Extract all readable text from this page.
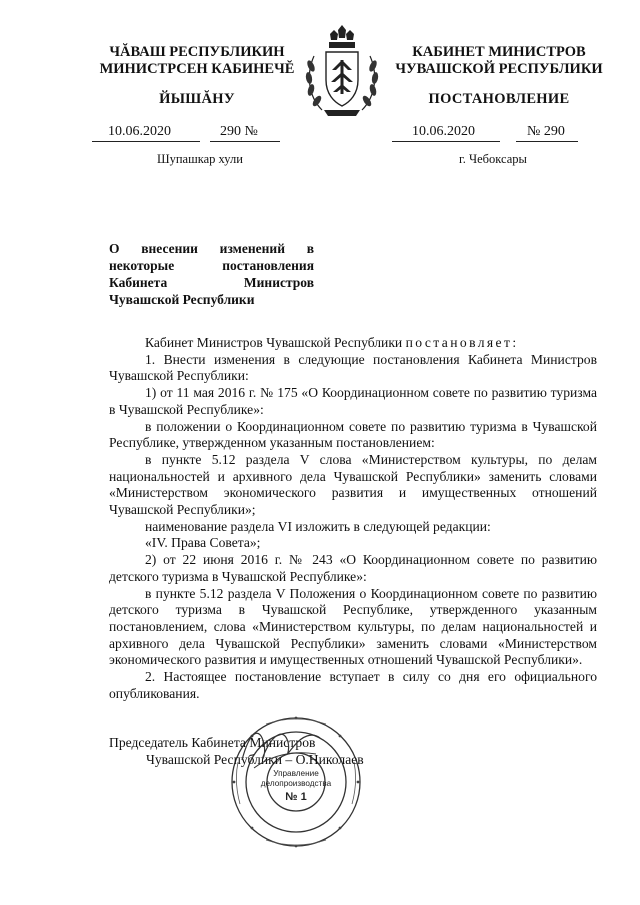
ЧĂВАШ РЕСПУБЛИКИН
МИНИСТРСЕН КАБИНЕЧĔ
ЙЫШĂНУ
КАБИНЕТ МИНИСТРОВ
ЧУВАШСКОЙ РЕСПУБЛИКИ
ПОСТАНОВЛЕНИЕ
10.06.2020	290 №	10.06.2020	№ 290
Шупашкар хули	г. Чебоксары
О внесении изменений в некоторые постановления Кабинета Министров Чувашской Республики

Кабинет Министров Чувашской Республики постановляет:

1. Внести изменения в следующие постановления Кабинета Министров Чувашской Республики:

1) от 11 мая 2016 г. № 175 «О Координационном совете по развитию туризма в Чувашской Республике»:

в положении о Координационном совете по развитию туризма в Чувашской Республике, утвержденном указанным постановлением:

в пункте 5.12 раздела V слова «Министерством культуры, по делам национальностей и архивного дела Чувашской Республики» заменить словами «Министерством экономического развития и имущественных отношений Чувашской Республики»;

наименование раздела VI изложить в следующей редакции:

«IV. Права Совета»;

2) от 22 июня 2016 г. № 243 «О Координационном совете по развитию детского туризма в Чувашской Республике»:

в пункте 5.12 раздела V Положения о Координационном совете по развитию детского туризма в Чувашской Республике, утвержденного указанным постановлением, слова «Министерством культуры, по делам национальностей и архивного дела Чувашской Республики» заменить словами «Министерством экономического развития и имущественных отношений Чувашской Республики».

2. Настоящее постановление вступает в силу со дня его официального опубликования.

Управление
делопроизводства
№ 1
Председатель Кабинета Министров
Чувашской Республики – О.Николаев
